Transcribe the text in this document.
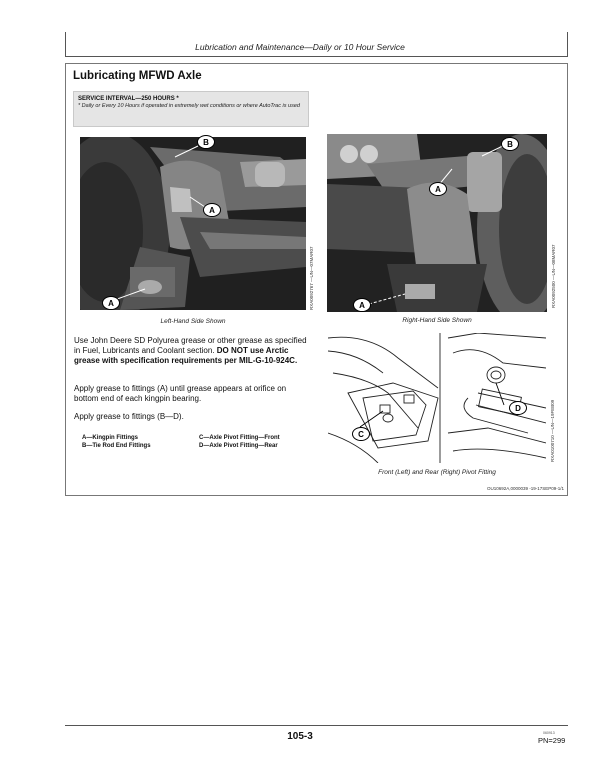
Lubrication and Maintenance—Daily or 10 Hour Service
Lubricating MFWD Axle
SERVICE INTERVAL—250 HOURS *
* Daily or Every 10 Hours if operated in extremely wet conditions or where AutoTrac is used
B
A
A	RXA0092767 —UN—07MAR07
Left-Hand Side Shown
B
A
A	RXA0092500 —UN—08MAR07
Right-Hand Side Shown
Use John Deere SD Polyurea grease or other grease as specified in Fuel, Lubricants and Coolant section. DO NOT use Arctic grease with specification requirements per MIL-G-10-924C.
Apply grease to fittings (A) until grease appears at orifice on bottom end of each kingpin bearing.
Apply grease to fittings (B—D).
A—Kingpin Fittings
B—Tie Rod End Fittings
C—Axle Pivot Fitting—Front
D—Axle Pivot Fitting—Rear
C
D	RXA0100710 —UN—19FEB09
Front (Left) and Rear (Right) Pivot Fitting
OU10692A,0000039 -19-17SEP09-1/1
105-3	060913
PN=299
